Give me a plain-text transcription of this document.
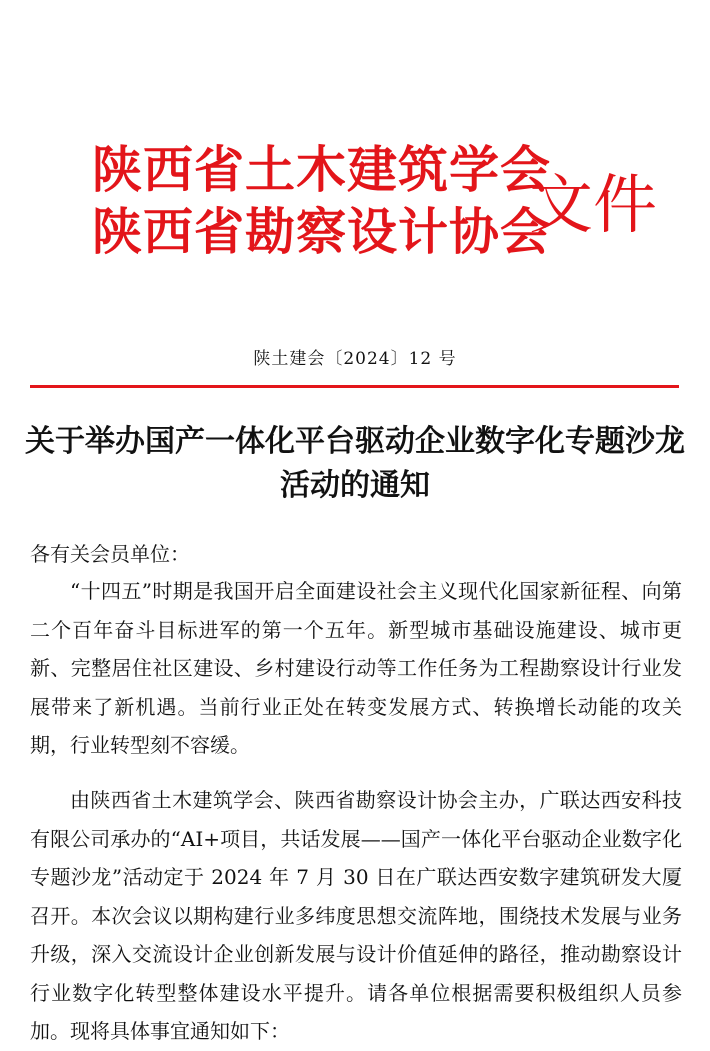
陕西省土木建筑学会
陕西省勘察设计协会
文件
陕土建会〔2024〕12 号
关于举办国产一体化平台驱动企业数字化专题沙龙活动的通知
各有关会员单位：
“十四五”时期是我国开启全面建设社会主义现代化国家新征程、向第二个百年奋斗目标进军的第一个五年。新型城市基础设施建设、城市更新、完整居住社区建设、乡村建设行动等工作任务为工程勘察设计行业发展带来了新机遇。当前行业正处在转变发展方式、转换增长动能的攻关期，行业转型刻不容缓。
由陕西省土木建筑学会、陕西省勘察设计协会主办，广联达西安科技有限公司承办的“AI+项目，共话发展——国产一体化平台驱动企业数字化专题沙龙”活动定于 2024 年 7 月 30 日在广联达西安数字建筑研发大厦召开。本次会议以期构建行业多纬度思想交流阵地，围绕技术发展与业务升级，深入交流设计企业创新发展与设计价值延伸的路径，推动勘察设计行业数字化转型整体建设水平提升。请各单位根据需要积极组织人员参加。现将具体事宜通知如下：
